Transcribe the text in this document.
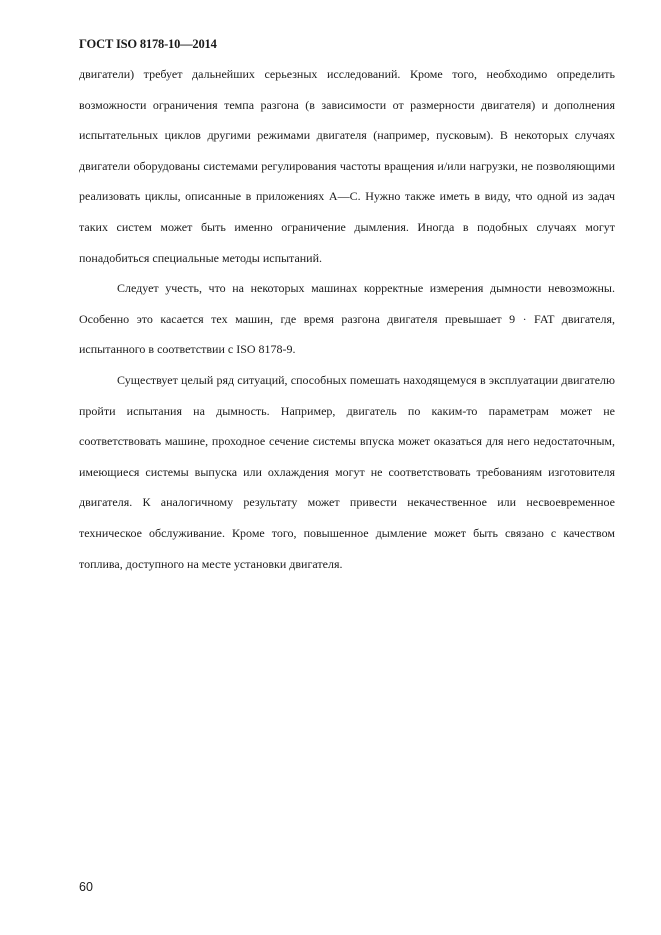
ГОСТ ISO 8178-10—2014

двигатели) требует дальнейших серьезных исследований. Кроме того, необходимо определить возможности ограничения темпа разгона (в зависимости от размерности двигателя) и дополнения испытательных циклов другими режимами двигателя (например, пусковым). В некоторых случаях двигатели оборудованы системами регулирования частоты вращения и/или нагрузки, не позволяющими реализовать циклы, описанные в приложениях А—С. Нужно также иметь в виду, что одной из задач таких систем может быть именно ограничение дымления. Иногда в подобных случаях могут понадобиться специальные методы испытаний.

Следует учесть, что на некоторых машинах корректные измерения дымности невозможны. Особенно это касается тех машин, где время разгона двигателя превышает 9 · FAT двигателя, испытанного в соответствии с ISO 8178-9.

Существует целый ряд ситуаций, способных помешать находящемуся в эксплуатации двигателю пройти испытания на дымность. Например, двигатель по каким-то параметрам может не соответствовать машине, проходное сечение системы впуска может оказаться для него недостаточным, имеющиеся системы выпуска или охлаждения могут не соответствовать требованиям изготовителя двигателя. К аналогичному результату может привести некачественное или несвоевременное техническое обслуживание. Кроме того, повышенное дымление может быть связано с качеством топлива, доступного на месте установки двигателя.

60
